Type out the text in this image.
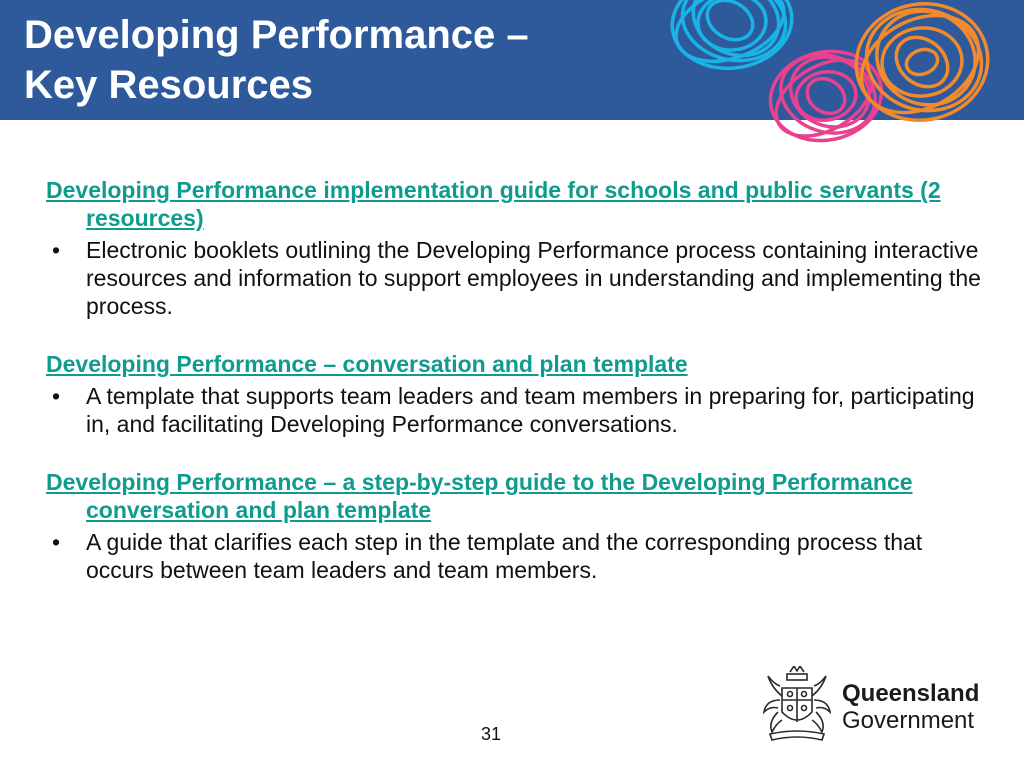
Developing Performance –
Key Resources
Developing Performance implementation guide for schools and public servants (2 resources)
• Electronic booklets outlining the Developing Performance process containing interactive resources and information to support employees in understanding and implementing the process.
Developing Performance – conversation and plan template
• A template that supports team leaders and team members in preparing for, participating in, and facilitating Developing Performance conversations.
Developing Performance – a step-by-step guide to the Developing Performance conversation and plan template
• A guide that clarifies each step in the template and the corresponding process that occurs between team leaders and team members.
Queensland
Government
31
